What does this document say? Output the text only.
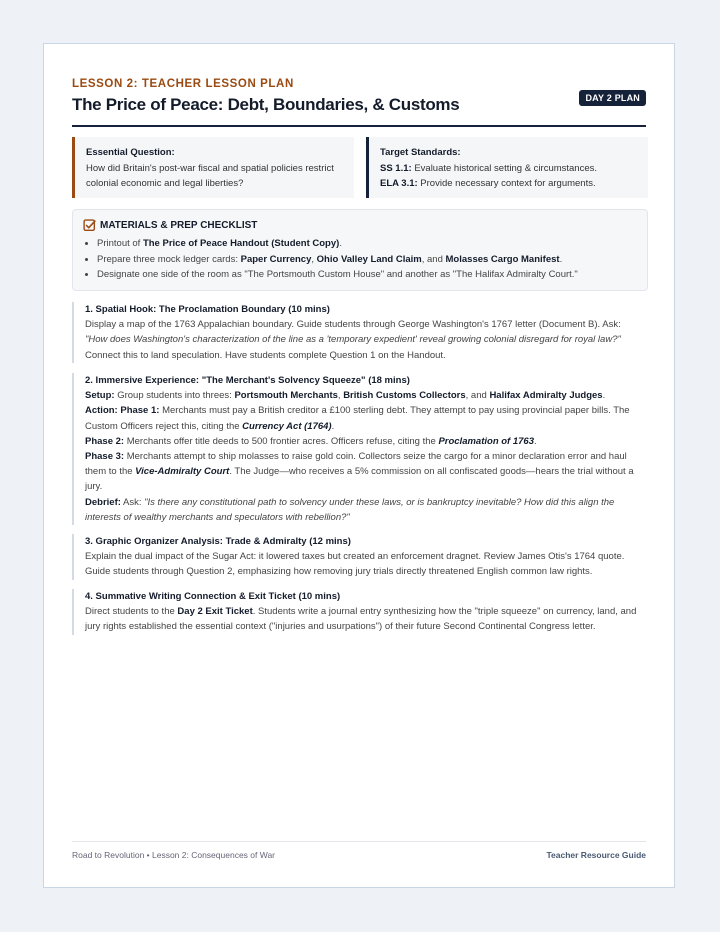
LESSON 2: TEACHER LESSON PLAN
The Price of Peace: Debt, Boundaries, & Customs	DAY 2 PLAN
Essential Question:
How did Britain's post-war fiscal and spatial policies restrict colonial economic and legal liberties?
Target Standards:
SS 1.1: Evaluate historical setting & circumstances.
ELA 3.1: Provide necessary context for arguments.
MATERIALS & PREP CHECKLIST
• Printout of The Price of Peace Handout (Student Copy).
• Prepare three mock ledger cards: Paper Currency, Ohio Valley Land Claim, and Molasses Cargo Manifest.
• Designate one side of the room as "The Portsmouth Custom House" and another as "The Halifax Admiralty Court."
1. Spatial Hook: The Proclamation Boundary (10 mins)
Display a map of the 1763 Appalachian boundary. Guide students through George Washington's 1767 letter (Document B). Ask:
"How does Washington's characterization of the line as a 'temporary expedient' reveal growing colonial disregard for royal law?"
Connect this to land speculation. Have students complete Question 1 on the Handout.
2. Immersive Experience: "The Merchant's Solvency Squeeze" (18 mins)
Setup: Group students into threes: Portsmouth Merchants, British Customs Collectors, and Halifax Admiralty Judges.
Action: Phase 1: Merchants must pay a British creditor a £100 sterling debt. They attempt to pay using provincial paper bills. The Custom Officers reject this, citing the Currency Act (1764).
Phase 2: Merchants offer title deeds to 500 frontier acres. Officers refuse, citing the Proclamation of 1763.
Phase 3: Merchants attempt to ship molasses to raise gold coin. Collectors seize the cargo for a minor declaration error and haul them to the Vice-Admiralty Court. The Judge—who receives a 5% commission on all confiscated goods—hears the trial without a jury.
Debrief: Ask: "Is there any constitutional path to solvency under these laws, or is bankruptcy inevitable? How did this align the interests of wealthy merchants and speculators with rebellion?"
3. Graphic Organizer Analysis: Trade & Admiralty (12 mins)
Explain the dual impact of the Sugar Act: it lowered taxes but created an enforcement dragnet. Review James Otis's 1764 quote. Guide students through Question 2, emphasizing how removing jury trials directly threatened English common law rights.
4. Summative Writing Connection & Exit Ticket (10 mins)
Direct students to the Day 2 Exit Ticket. Students write a journal entry synthesizing how the "triple squeeze" on currency, land, and jury rights established the essential context ("injuries and usurpations") of their future Second Continental Congress letter.
Road to Revolution • Lesson 2: Consequences of War	Teacher Resource Guide
